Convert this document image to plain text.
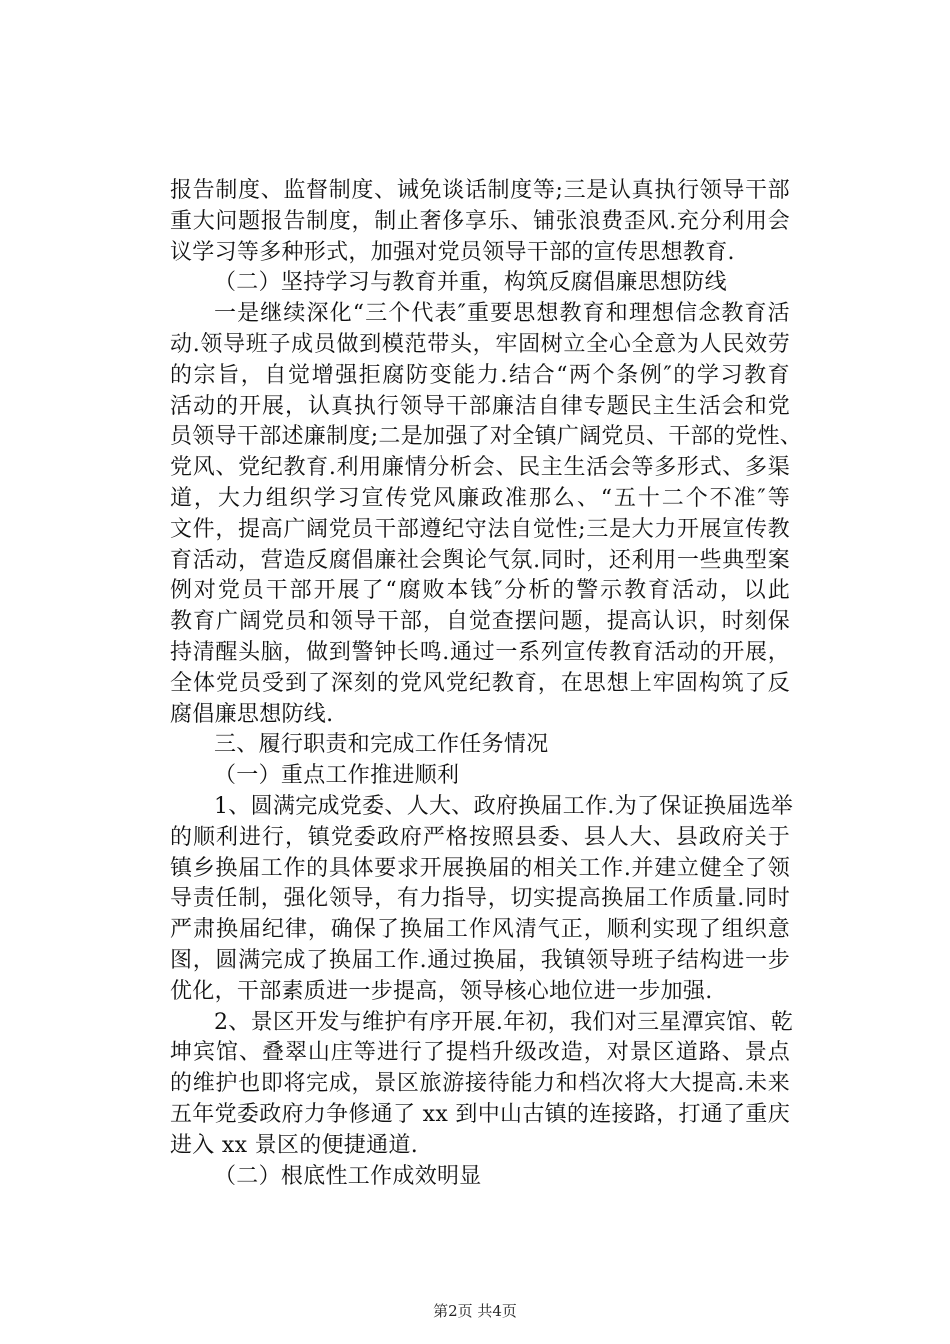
报告制度、监督制度、诫免谈话制度等;三是认真执行领导干部
重大问题报告制度，制止奢侈享乐、铺张浪费歪风.充分利用会
议学习等多种形式，加强对党员领导干部的宣传思想教育.
（二）坚持学习与教育并重，构筑反腐倡廉思想防线
一是继续深化“三个代表″重要思想教育和理想信念教育活
动.领导班子成员做到模范带头，牢固树立全心全意为人民效劳
的宗旨，自觉增强拒腐防变能力.结合“两个条例″的学习教育
活动的开展，认真执行领导干部廉洁自律专题民主生活会和党
员领导干部述廉制度;二是加强了对全镇广阔党员、干部的党性、
党风、党纪教育.利用廉情分析会、民主生活会等多形式、多渠
道，大力组织学习宣传党风廉政准那么、“五十二个不准″等
文件，提高广阔党员干部遵纪守法自觉性;三是大力开展宣传教
育活动，营造反腐倡廉社会舆论气氛.同时，还利用一些典型案
例对党员干部开展了“腐败本钱″分析的警示教育活动，以此
教育广阔党员和领导干部，自觉查摆问题，提高认识，时刻保
持清醒头脑，做到警钟长鸣.通过一系列宣传教育活动的开展，
全体党员受到了深刻的党风党纪教育，在思想上牢固构筑了反
腐倡廉思想防线.
三、履行职责和完成工作任务情况
（一）重点工作推进顺利
1、圆满完成党委、人大、政府换届工作.为了保证换届选举
的顺利进行，镇党委政府严格按照县委、县人大、县政府关于
镇乡换届工作的具体要求开展换届的相关工作.并建立健全了领
导责任制，强化领导，有力指导，切实提高换届工作质量.同时
严肃换届纪律，确保了换届工作风清气正，顺利实现了组织意
图，圆满完成了换届工作.通过换届，我镇领导班子结构进一步
优化，干部素质进一步提高，领导核心地位进一步加强.
2、景区开发与维护有序开展.年初，我们对三星潭宾馆、乾
坤宾馆、叠翠山庄等进行了提档升级改造，对景区道路、景点
的维护也即将完成，景区旅游接待能力和档次将大大提高.未来
五年党委政府力争修通了 xx 到中山古镇的连接路，打通了重庆
进入 xx 景区的便捷通道.
（二）根底性工作成效明显
第2页 共4页
